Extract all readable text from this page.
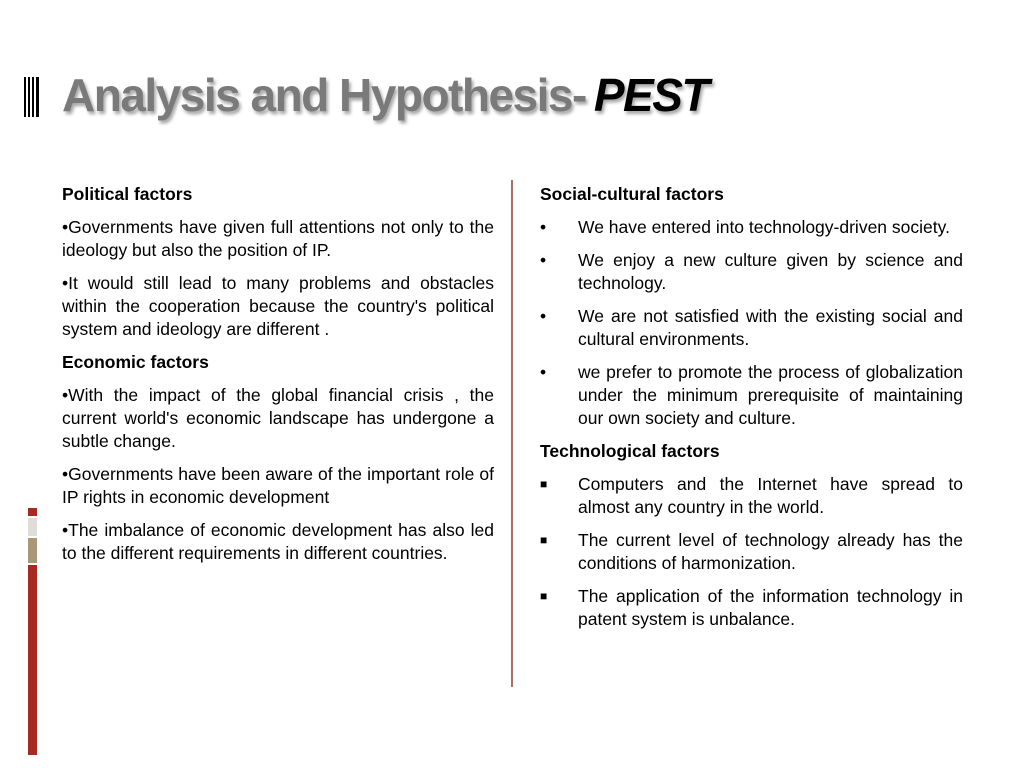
Analysis and Hypothesis- PEST
Political factors
•Governments have given full attentions not only to the ideology but also the position of IP.
•It would still lead to many problems and obstacles within the cooperation because the country's political system and ideology are different .
Economic factors
•With the impact of the global financial crisis , the current world's economic landscape has undergone a subtle change.
•Governments have been aware of the important role of IP rights in economic development
•The imbalance of economic development has also led to the different requirements in different countries.
Social-cultural factors
•	We have entered into technology-driven society.
•	We enjoy a new culture given by science and technology.
•	We are not satisfied with the existing social and cultural environments.
•	we prefer to promote the process of globalization under the minimum prerequisite of maintaining our own society and culture.
Technological factors
■	Computers and the Internet have spread to almost any country in the world.
■	The current level of technology already has the conditions of harmonization.
■	The application of the information technology in patent system is unbalance.
